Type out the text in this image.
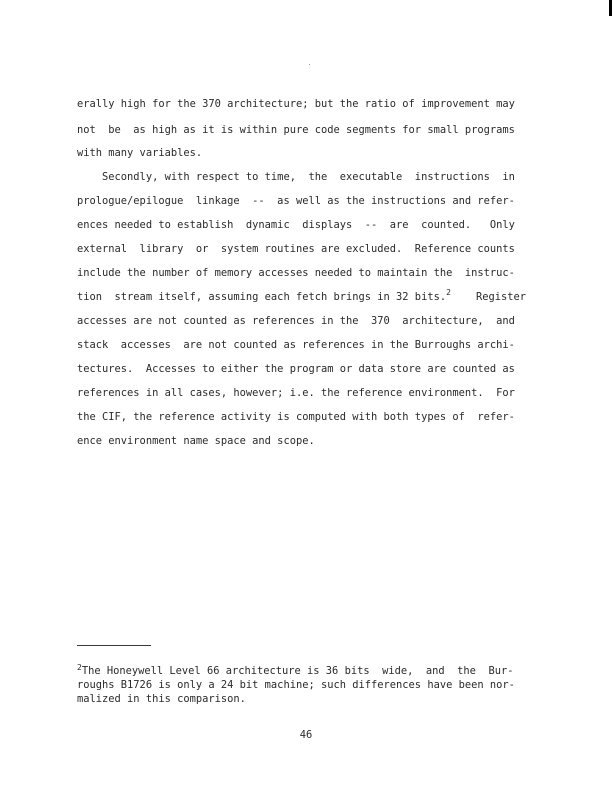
erally high for the 370 architecture; but the ratio of improvement may
not  be  as high as it is within pure code segments for small programs
with many variables.
Secondly, with respect to time,  the  executable  instructions  in
prologue/epilogue  linkage  --  as well as the instructions and refer-
ences needed to establish  dynamic  displays  --  are  counted.   Only
external  library  or  system routines are excluded.  Reference counts
include the number of memory accesses needed to maintain the  instruc-
tion  stream itself, assuming each fetch brings in 32 bits.$^2$    Register
accesses are not counted as references in the  370  architecture,  and
stack  accesses  are not counted as references in the Burroughs archi-
tectures.  Accesses to either the program or data store are counted as
references in all cases, however; i.e. the reference environment.  For
the CIF, the reference activity is computed with both types of  refer-
ence environment name space and scope.
$^2$The Honeywell Level 66 architecture is 36 bits  wide,  and  the  Bur-
roughs B1726 is only a 24 bit machine; such differences have been nor-
malized in this comparison.
46
